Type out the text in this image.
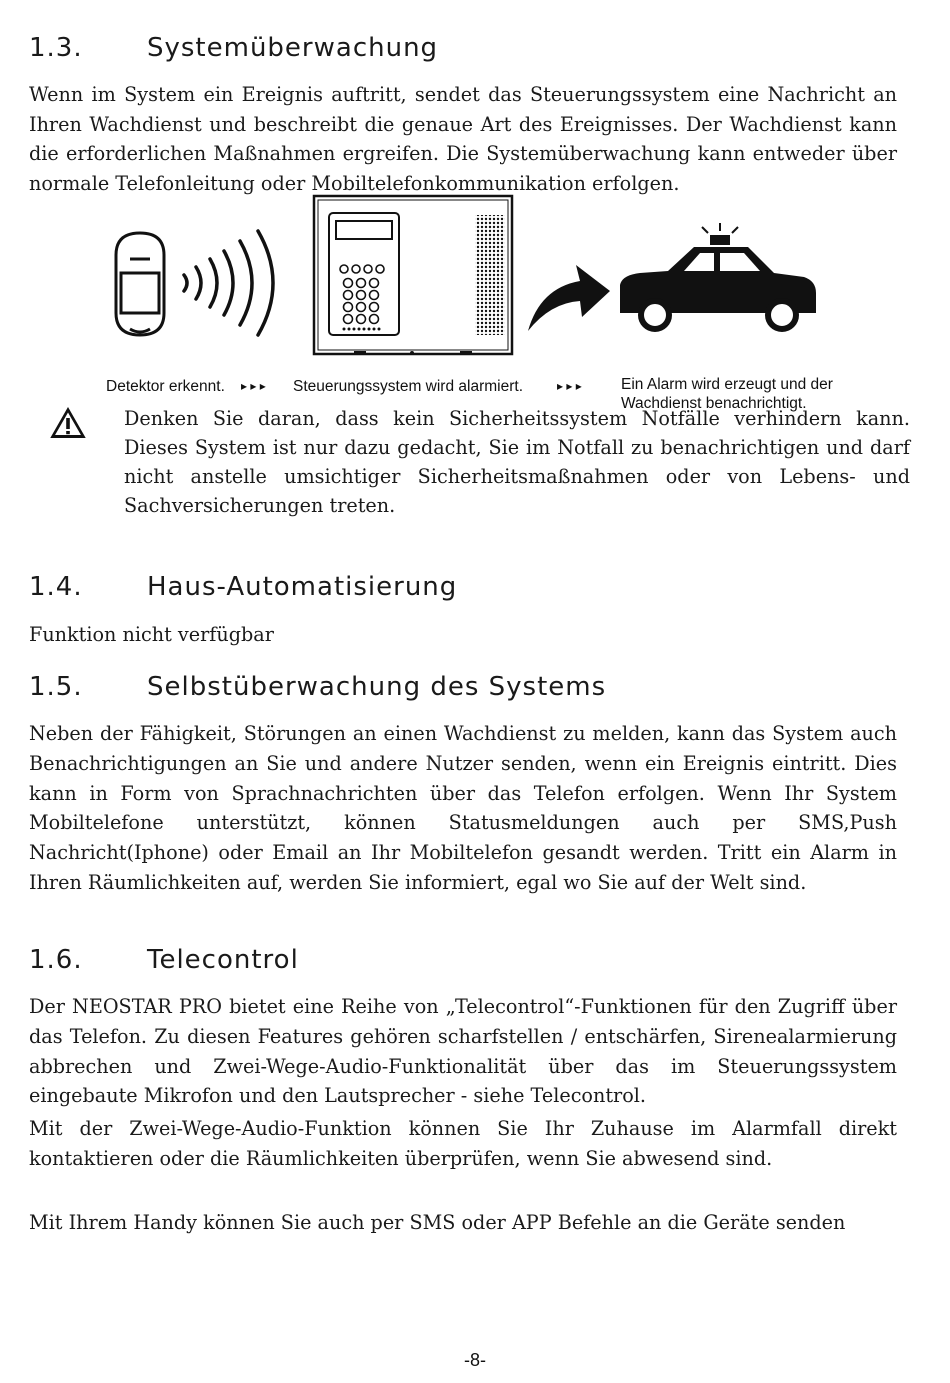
1.3. Systemüberwachung

Wenn im System ein Ereignis auftritt, sendet das Steuerungssystem eine Nachricht an Ihren Wachdienst und beschreibt die genaue Art des Ereignisses. Der Wachdienst kann die erforderlichen Maßnahmen ergreifen. Die Systemüberwachung kann entweder über normale Telefonleitung oder Mobiltelefonkommunikation erfolgen.

Detektor erkennt. ▸ ▸ ▸ Steuerungssystem wird alarmiert.	▸ ▸ ▸	Ein Alarm wird erzeugt und der
Wachdienst benachrichtigt.

Denken Sie daran, dass kein Sicherheitssystem Notfälle verhindern kann. Dieses System ist nur dazu gedacht, Sie im Notfall zu benachrichtigen und darf nicht anstelle umsichtiger Sicherheitsmaßnahmen oder von Lebens- und Sachversicherungen treten.

1.4. Haus-Automatisierung

Funktion nicht verfügbar

1.5. Selbstüberwachung des Systems

Neben der Fähigkeit, Störungen an einen Wachdienst zu melden, kann das System auch Benachrichtigungen an Sie und andere Nutzer senden, wenn ein Ereignis eintritt. Dies kann in Form von Sprachnachrichten über das Telefon erfolgen. Wenn Ihr System Mobiltelefone unterstützt, können Statusmeldungen auch per SMS,Push Nachricht(Iphone) oder Email an Ihr Mobiltelefon gesandt werden. Tritt ein Alarm in Ihren Räumlichkeiten auf, werden Sie informiert, egal wo Sie auf der Welt sind.

1.6. Telecontrol

Der NEOSTAR PRO bietet eine Reihe von „Telecontrol“-Funktionen für den Zugriff über das Telefon. Zu diesen Features gehören scharfstellen / entschärfen, Sirenealarmierung abbrechen und Zwei-Wege-Audio-Funktionalität über das im Steuerungssystem eingebaute Mikrofon und den Lautsprecher - siehe Telecontrol.

Mit der Zwei-Wege-Audio-Funktion können Sie Ihr Zuhause im Alarmfall direkt kontaktieren oder die Räumlichkeiten überprüfen, wenn Sie abwesend sind.

Mit Ihrem Handy können Sie auch per SMS oder APP Befehle an die Geräte senden

-8-
